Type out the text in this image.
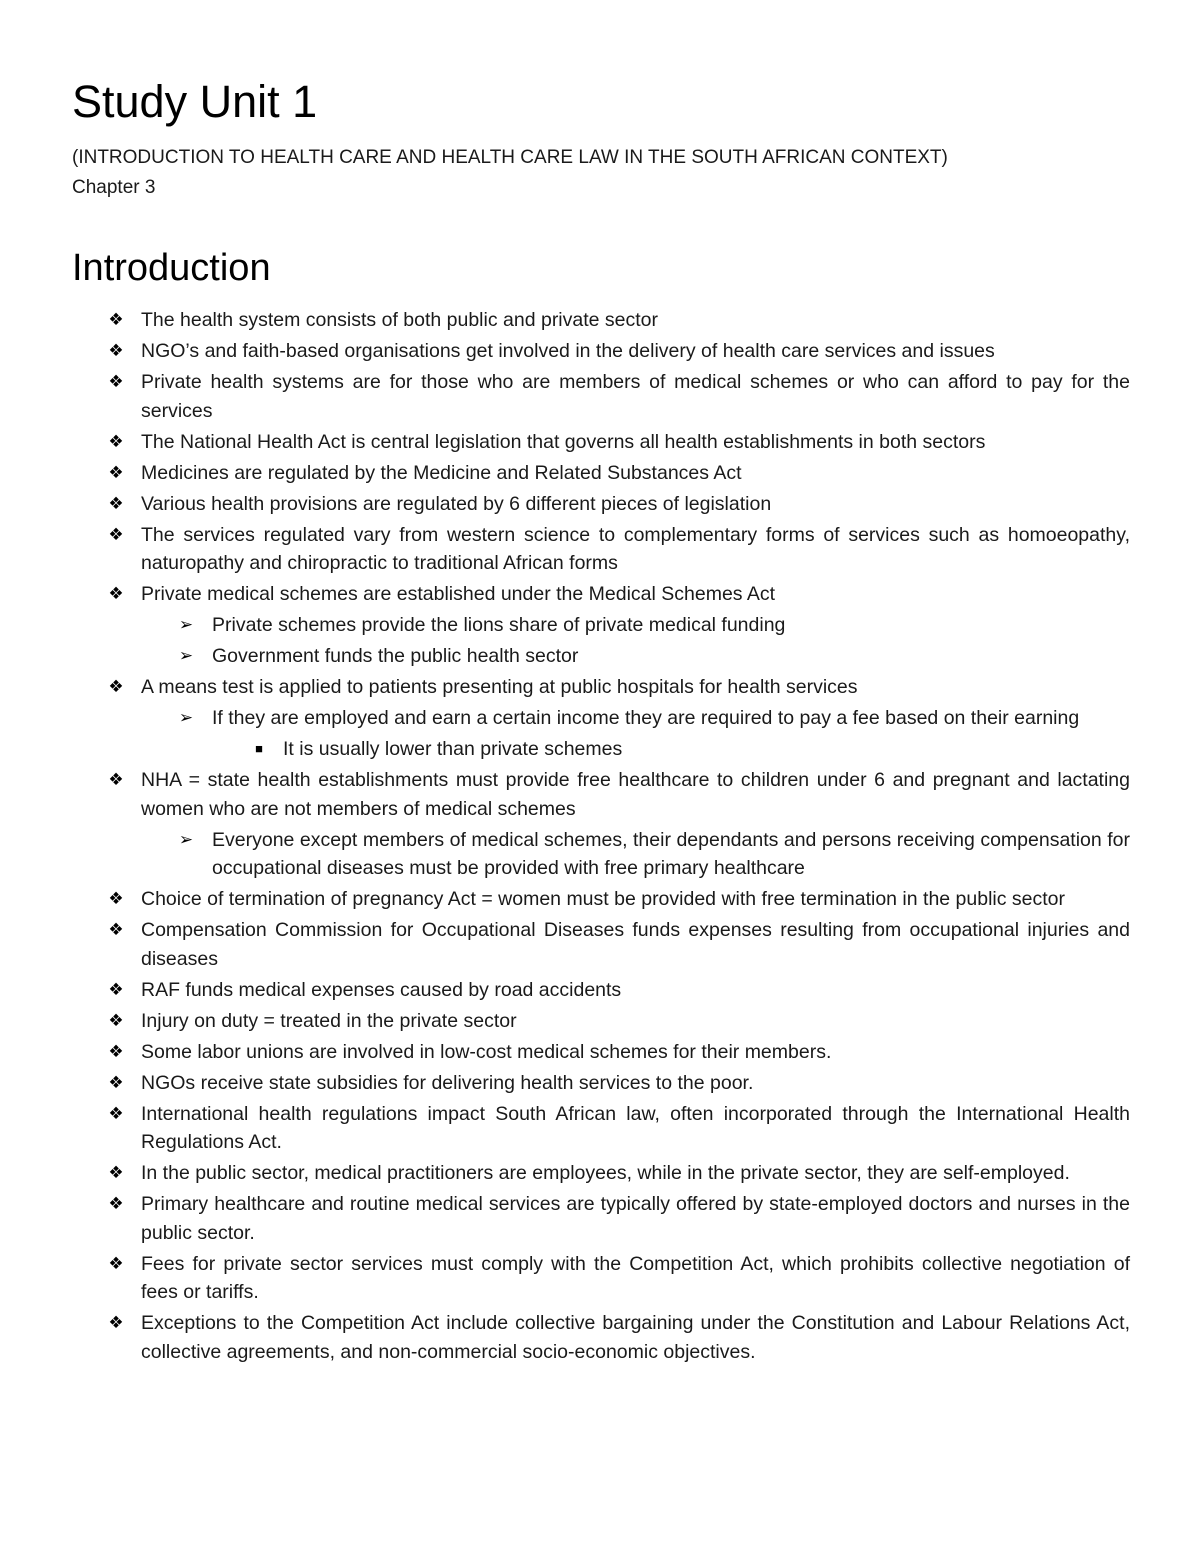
Study Unit 1

(INTRODUCTION TO HEALTH CARE AND HEALTH CARE LAW IN THE SOUTH AFRICAN CONTEXT)

Chapter 3

Introduction
❖ The health system consists of both public and private sector
❖ NGO’s and faith-based organisations get involved in the delivery of health care services and issues
❖ Private health systems are for those who are members of medical schemes or who can afford to pay for the services
❖ The National Health Act is central legislation that governs all health establishments in both sectors
❖ Medicines are regulated by the Medicine and Related Substances Act
❖ Various health provisions are regulated by 6 different pieces of legislation
❖ The services regulated vary from western science to complementary forms of services such as homoeopathy, naturopathy and chiropractic to traditional African forms
❖ Private medical schemes are established under the Medical Schemes Act
➢ Private schemes provide the lions share of private medical funding
➢ Government funds the public health sector
❖ A means test is applied to patients presenting at public hospitals for health services
➢ If they are employed and earn a certain income they are required to pay a fee based on their earning
■	It is usually lower than private schemes
❖ NHA = state health establishments must provide free healthcare to children under 6 and pregnant and lactating women who are not members of medical schemes
➢ Everyone except members of medical schemes, their dependants and persons receiving compensation for occupational diseases must be provided with free primary healthcare
❖ Choice of termination of pregnancy Act = women must be provided with free termination in the public sector
❖ Compensation Commission for Occupational Diseases funds expenses resulting from occupational injuries and diseases
❖ RAF funds medical expenses caused by road accidents
❖ Injury on duty = treated in the private sector
❖ Some labor unions are involved in low-cost medical schemes for their members.
❖ NGOs receive state subsidies for delivering health services to the poor.
❖ International health regulations impact South African law, often incorporated through the International Health Regulations Act.
❖ In the public sector, medical practitioners are employees, while in the private sector, they are self-employed.
❖ Primary healthcare and routine medical services are typically offered by state-employed doctors and nurses in the public sector.
❖ Fees for private sector services must comply with the Competition Act, which prohibits collective negotiation of fees or tariffs.
❖ Exceptions to the Competition Act include collective bargaining under the Constitution and Labour Relations Act, collective agreements, and non-commercial socio-economic objectives.
